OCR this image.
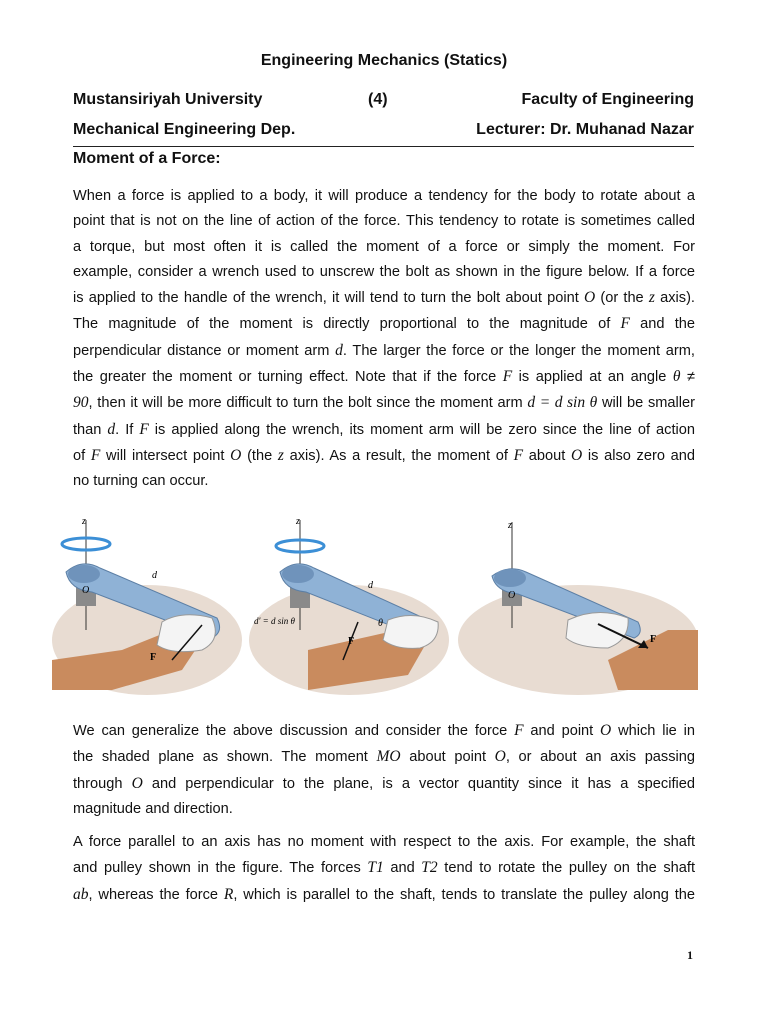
Engineering Mechanics (Statics)
Mustansiriyah University	(4)	Faculty of Engineering
Mechanical Engineering Dep.	Lecturer: Dr. Muhanad Nazar
Moment of a Force:
When a force is applied to a body, it will produce a tendency for the body to rotate about a
point that is not on the line of action of the force. This tendency to rotate is sometimes called
a torque, but most often it is called the moment of a force or simply the moment. For
example, consider a wrench used to unscrew the bolt as shown in the figure below. If a force
is applied to the handle of the wrench, it will tend to turn the bolt about point O (or the z axis).
The magnitude of the moment is directly proportional to the magnitude of F and the
perpendicular distance or moment arm d. The larger the force or the longer the moment arm,
the greater the moment or turning effect. Note that if the force F is applied at an angle θ ≠
90, then it will be more difficult to turn the bolt since the moment arm d = d sin θ will be smaller
than d. If F is applied along the wrench, its moment arm will be zero since the line of action
of F will intersect point O (the z axis). As a result, the moment of F about O is also zero and
no turning can occur.
z
O
d
F
z
d
d' = d sin θ	θ
F
z
O
F
We can generalize the above discussion and consider the force F and point O which lie in
the shaded plane as shown. The moment MO about point O, or about an axis passing
through O and perpendicular to the plane, is a vector quantity since it has a specified
magnitude and direction.
A force parallel to an axis has no moment with respect to the axis. For example, the shaft
and pulley shown in the figure. The forces T1 and T2 tend to rotate the pulley on the shaft
ab, whereas the force R, which is parallel to the shaft, tends to translate the pulley along the
1
